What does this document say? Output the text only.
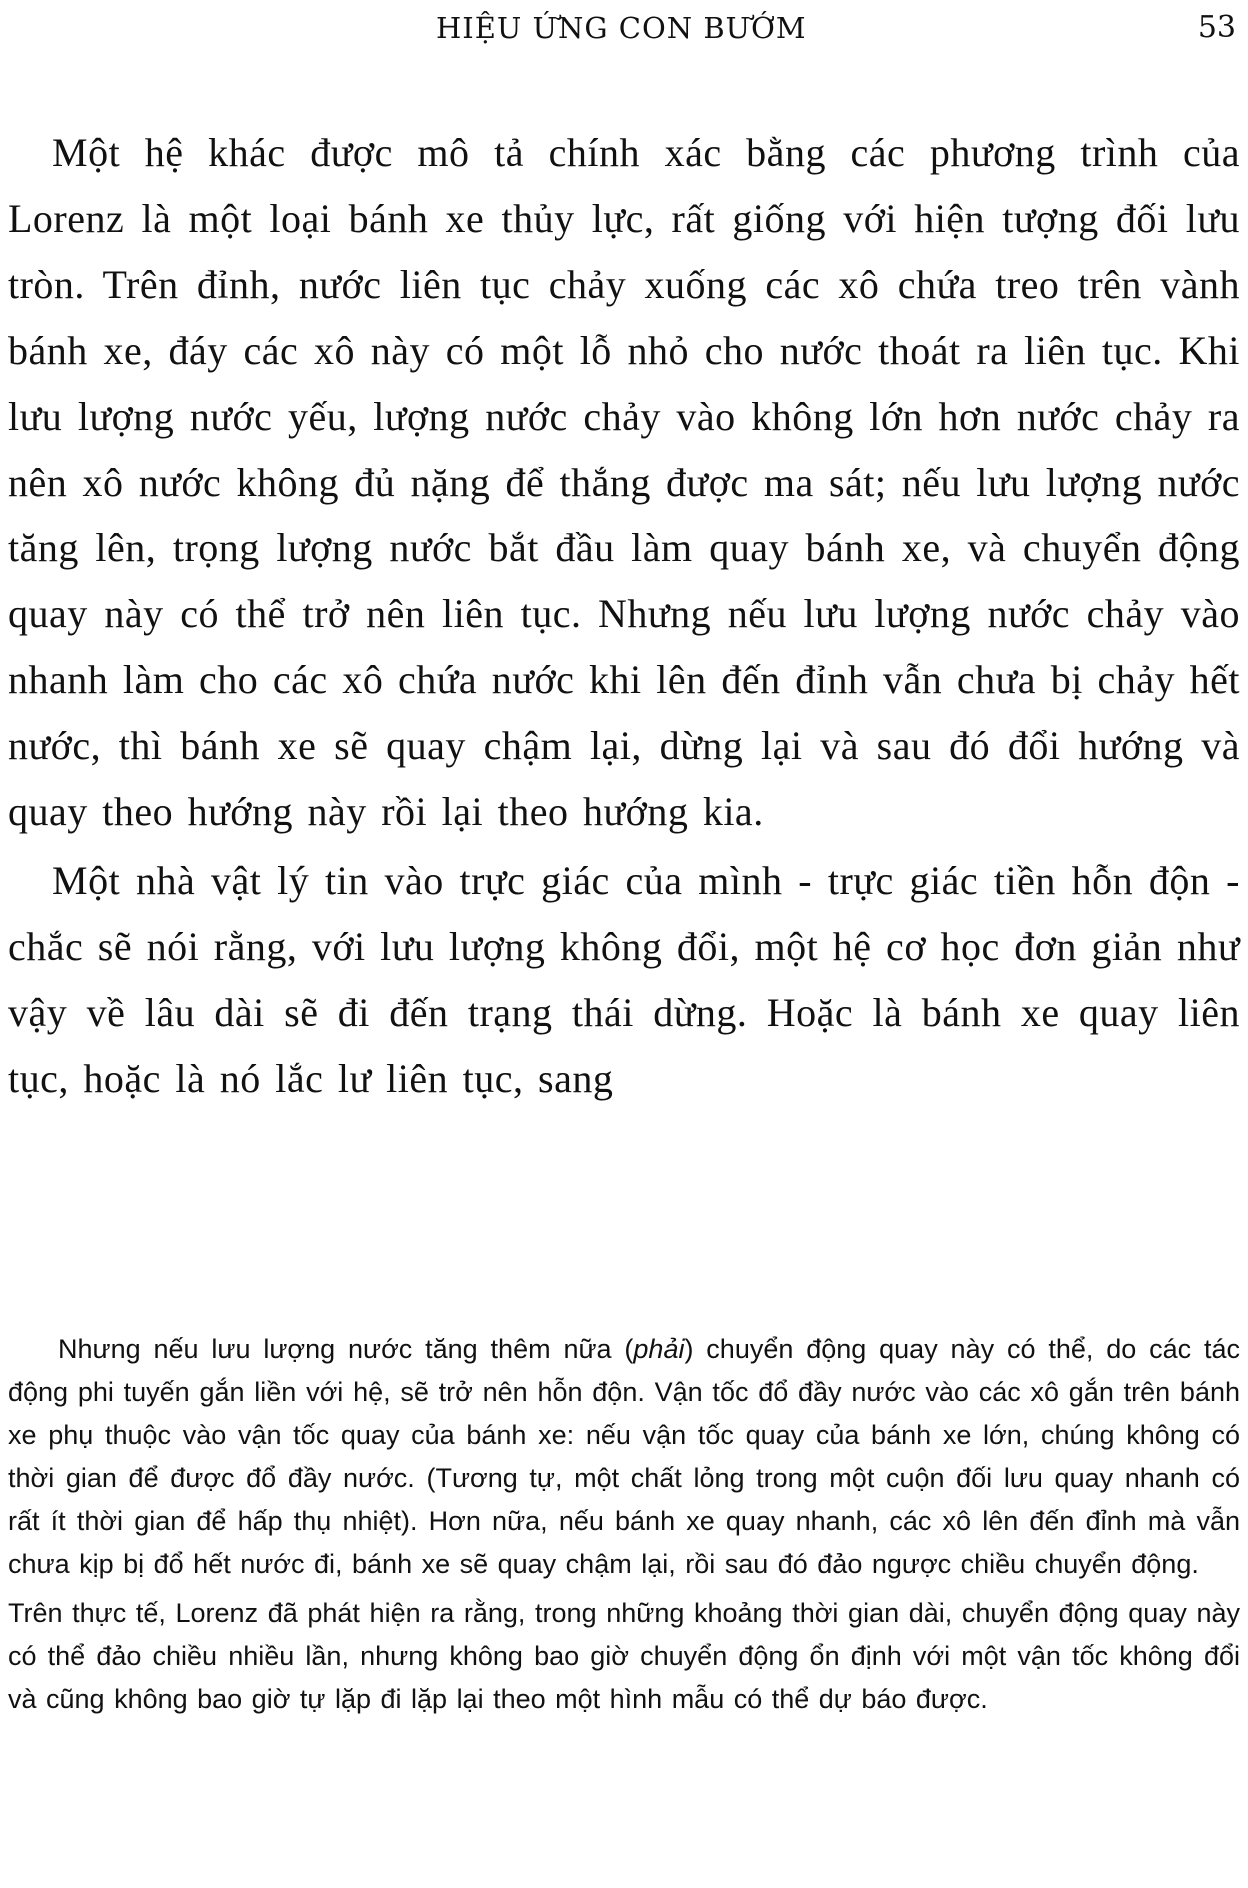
HIỆU ỨNG CON BƯỚM	53

Một hệ khác được mô tả chính xác bằng các phương trình của Lorenz là một loại bánh xe thủy lực, rất giống với hiện tượng đối lưu tròn. Trên đỉnh, nước liên tục chảy xuống các xô chứa treo trên vành bánh xe, đáy các xô này có một lỗ nhỏ cho nước thoát ra liên tục. Khi lưu lượng nước yếu, lượng nước chảy vào không lớn hơn nước chảy ra nên xô nước không đủ nặng để thắng được ma sát; nếu lưu lượng nước tăng lên, trọng lượng nước bắt đầu làm quay bánh xe, và chuyển động quay này có thể trở nên liên tục. Nhưng nếu lưu lượng nước chảy vào nhanh làm cho các xô chứa nước khi lên đến đỉnh vẫn chưa bị chảy hết nước, thì bánh xe sẽ quay chậm lại, dừng lại và sau đó đổi hướng và quay theo hướng này rồi lại theo hướng kia.

Một nhà vật lý tin vào trực giác của mình - trực giác tiền hỗn độn - chắc sẽ nói rằng, với lưu lượng không đổi, một hệ cơ học đơn giản như vậy về lâu dài sẽ đi đến trạng thái dừng. Hoặc là bánh xe quay liên tục, hoặc là nó lắc lư liên tục, sang

Nhưng nếu lưu lượng nước tăng thêm nữa (phải) chuyển động quay này có thể, do các tác động phi tuyến gắn liền với hệ, sẽ trở nên hỗn độn. Vận tốc đổ đầy nước vào các xô gắn trên bánh xe phụ thuộc vào vận tốc quay của bánh xe: nếu vận tốc quay của bánh xe lớn, chúng không có thời gian để được đổ đầy nước. (Tương tự, một chất lỏng trong một cuộn đối lưu quay nhanh có rất ít thời gian để hấp thụ nhiệt). Hơn nữa, nếu bánh xe quay nhanh, các xô lên đến đỉnh mà vẫn chưa kịp bị đổ hết nước đi, bánh xe sẽ quay chậm lại, rồi sau đó đảo ngược chiều chuyển động.

Trên thực tế, Lorenz đã phát hiện ra rằng, trong những khoảng thời gian dài, chuyển động quay này có thể đảo chiều nhiều lần, nhưng không bao giờ chuyển động ổn định với một vận tốc không đổi và cũng không bao giờ tự lặp đi lặp lại theo một hình mẫu có thể dự báo được.
